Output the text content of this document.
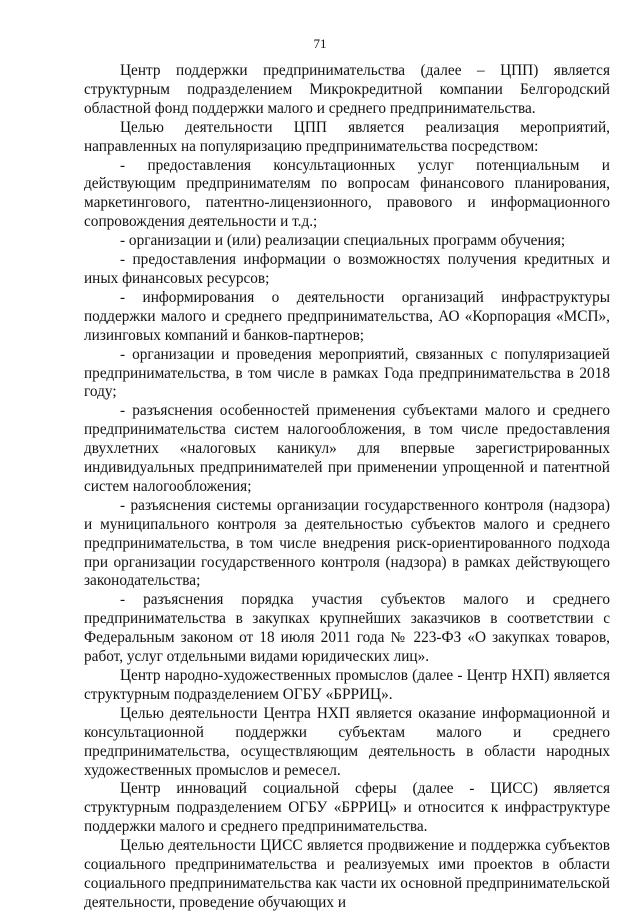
71

Центр поддержки предпринимательства (далее – ЦПП) является структурным подразделением Микрокредитной компании Белгородский областной фонд поддержки малого и среднего предпринимательства.

Целью деятельности ЦПП является реализация мероприятий, направленных на популяризацию предпринимательства посредством:

- предоставления консультационных услуг потенциальным и действующим предпринимателям по вопросам финансового планирования, маркетингового, патентно-лицензионного, правового и информационного сопровождения деятельности и т.д.;

- организации и (или) реализации специальных программ обучения;

- предоставления информации о возможностях получения кредитных и иных финансовых ресурсов;

- информирования о деятельности организаций инфраструктуры поддержки малого и среднего предпринимательства, АО «Корпорация «МСП», лизинговых компаний и банков-партнеров;

- организации и проведения мероприятий, связанных с популяризацией предпринимательства, в том числе в рамках Года предпринимательства в 2018 году;

- разъяснения особенностей применения субъектами малого и среднего предпринимательства систем налогообложения, в том числе предоставления двухлетних «налоговых каникул» для впервые зарегистрированных индивидуальных предпринимателей при применении упрощенной и патентной систем налогообложения;

- разъяснения системы организации государственного контроля (надзора) и муниципального контроля за деятельностью субъектов малого и среднего предпринимательства, в том числе внедрения риск-ориентированного подхода при организации государственного контроля (надзора) в рамках действующего законодательства;

- разъяснения порядка участия субъектов малого и среднего предпринимательства в закупках крупнейших заказчиков в соответствии с Федеральным законом от 18 июля 2011 года № 223-ФЗ «О закупках товаров, работ, услуг отдельными видами юридических лиц».

Центр народно-художественных промыслов (далее - Центр НХП) является структурным подразделением ОГБУ «БРРИЦ».

Целью деятельности Центра НХП является оказание информационной и консультационной поддержки субъектам малого и среднего предпринимательства, осуществляющим деятельность в области народных художественных промыслов и ремесел.

Центр инноваций социальной сферы (далее - ЦИСС) является структурным подразделением ОГБУ «БРРИЦ» и относится к инфраструктуре поддержки малого и среднего предпринимательства.

Целью деятельности ЦИСС является продвижение и поддержка субъектов социального предпринимательства и реализуемых ими проектов в области социального предпринимательства как части их основной предпринимательской деятельности, проведение обучающих и
